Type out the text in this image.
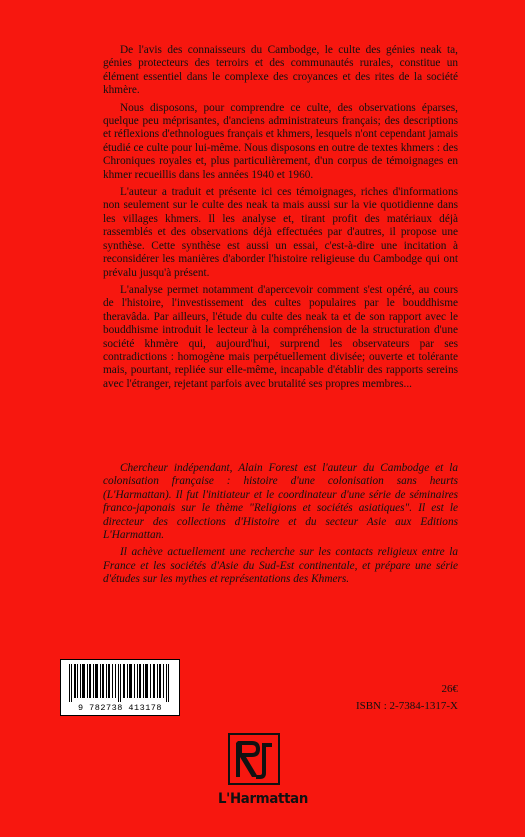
De l'avis des connaisseurs du Cambodge, le culte des génies neak ta, génies protecteurs des terroirs et des communautés rurales, constitue un élément essentiel dans le complexe des croyances et des rites de la société khmère.

Nous disposons, pour comprendre ce culte, des observations éparses, quelque peu méprisantes, d'anciens administrateurs français; des descriptions et réflexions d'ethnologues français et khmers, lesquels n'ont cependant jamais étudié ce culte pour lui-même. Nous disposons en outre de textes khmers : des Chroniques royales et, plus particulièrement, d'un corpus de témoignages en khmer recueillis dans les années 1940 et 1960.

L'auteur a traduit et présente ici ces témoignages, riches d'informations non seulement sur le culte des neak ta mais aussi sur la vie quotidienne dans les villages khmers. Il les analyse et, tirant profit des matériaux déjà rassemblés et des observations déjà effectuées par d'autres, il propose une synthèse. Cette synthèse est aussi un essai, c'est-à-dire une incitation à reconsidérer les manières d'aborder l'histoire religieuse du Cambodge qui ont prévalu jusqu'à présent.

L'analyse permet notamment d'apercevoir comment s'est opéré, au cours de l'histoire, l'investissement des cultes populaires par le bouddhisme theravâda. Par ailleurs, l'étude du culte des neak ta et de son rapport avec le bouddhisme introduit le lecteur à la compréhension de la structuration d'une société khmère qui, aujourd'hui, surprend les observateurs par ses contradictions : homogène mais perpétuellement divisée; ouverte et tolérante mais, pourtant, repliée sur elle-même, incapable d'établir des rapports sereins avec l'étranger, rejetant parfois avec brutalité ses propres membres...

Chercheur indépendant, Alain Forest est l'auteur du Cambodge et la colonisation française : histoire d'une colonisation sans heurts (L'Harmattan). Il fut l'initiateur et le coordinateur d'une série de séminaires franco-japonais sur le thème "Religions et sociétés asiatiques". Il est le directeur des collections d'Histoire et du secteur Asie aux Editions L'Harmattan.

Il achève actuellement une recherche sur les contacts religieux entre la France et les sociétés d'Asie du Sud-Est continentale, et prépare une série d'études sur les mythes et représentations des Khmers.

9 782738 413178
26€
ISBN : 2-7384-1317-X
L'Harmattan
